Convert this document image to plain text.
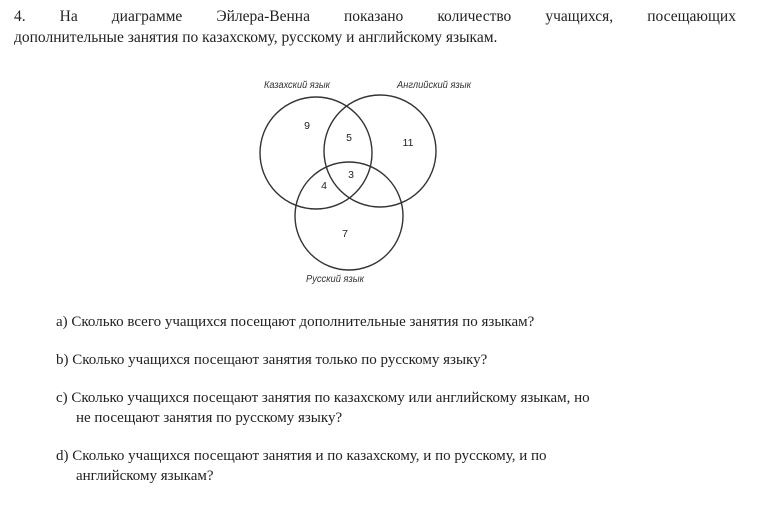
4. На диаграмме Эйлера-Венна показано количество учащихся, посещающих
дополнительные занятия по казахскому, русскому и английскому языкам.
Казахский язык	Английский язык
Русский язык
9
5	11
3
4
7
a) Сколько всего учащихся посещают дополнительные занятия по языкам?
b) Сколько учащихся посещают занятия только по русскому языку?
c) Сколько учащихся посещают занятия по казахскому или английскому языкам, но
не посещают занятия по русскому языку?
d) Сколько учащихся посещают занятия и по казахскому, и по русскому, и по
английскому языкам?
